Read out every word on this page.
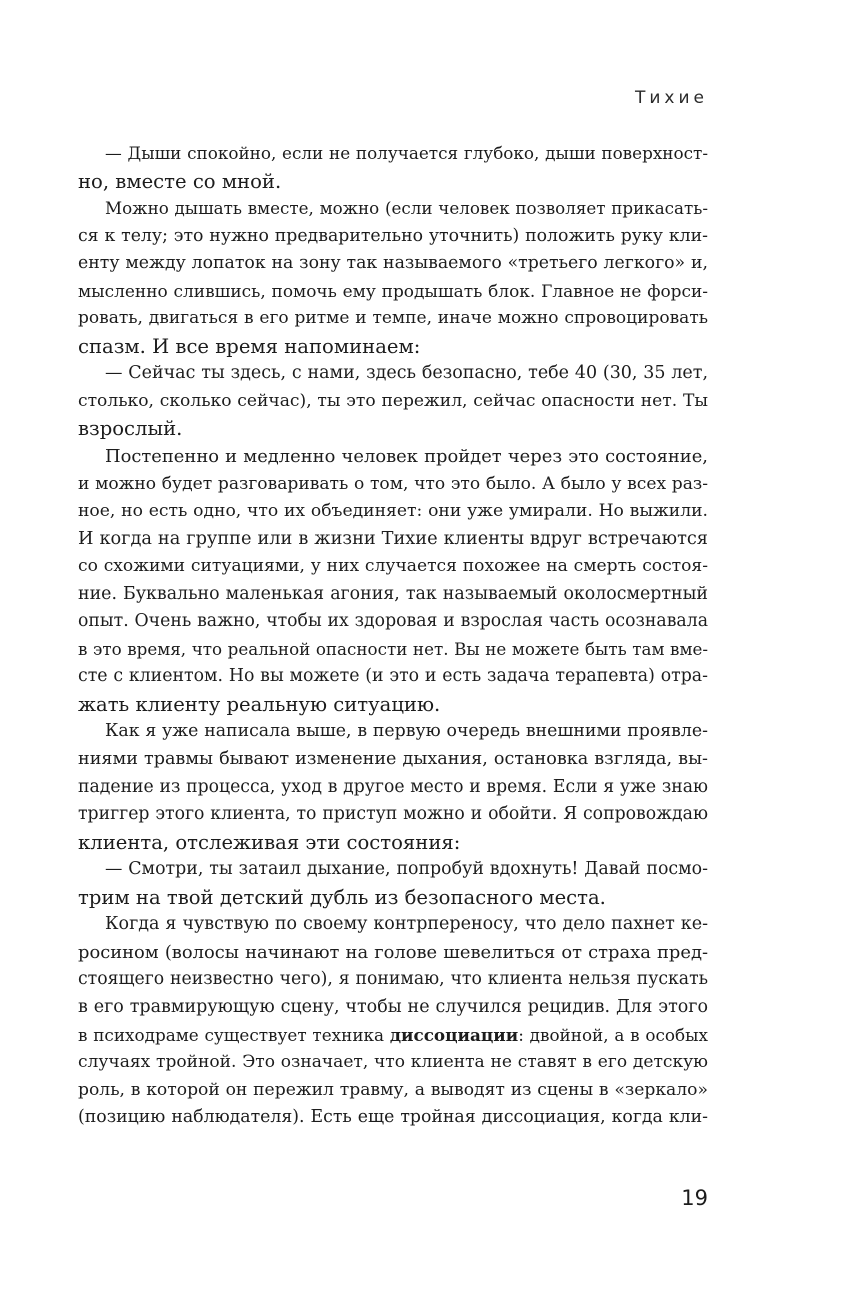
Тихие
— Дыши спокойно, если не получается глубоко, дыши поверхност-
но, вместе со мной.
Можно дышать вместе, можно (если человек позволяет прикасать-
ся к телу; это нужно предварительно уточнить) положить руку кли-
енту между лопаток на зону так называемого «третьего легкого» и,
мысленно слившись, помочь ему продышать блок. Главное не форси-
ровать, двигаться в его ритме и темпе, иначе можно спровоцировать
спазм. И все время напоминаем:
— Сейчас ты здесь, с нами, здесь безопасно, тебе 40 (30, 35 лет,
столько, сколько сейчас), ты это пережил, сейчас опасности нет. Ты
взрослый.
Постепенно и медленно человек пройдет через это состояние,
и можно будет разговаривать о том, что это было. А было у всех раз-
ное, но есть одно, что их объединяет: они уже умирали. Но выжили.
И когда на группе или в жизни Тихие клиенты вдруг встречаются
со схожими ситуациями, у них случается похожее на смерть состоя-
ние. Буквально маленькая агония, так называемый околосмертный
опыт. Очень важно, чтобы их здоровая и взрослая часть осознавала
в это время, что реальной опасности нет. Вы не можете быть там вме-
сте с клиентом. Но вы можете (и это и есть задача терапевта) отра-
жать клиенту реальную ситуацию.
Как я уже написала выше, в первую очередь внешними проявле-
ниями травмы бывают изменение дыхания, остановка взгляда, вы-
падение из процесса, уход в другое место и время. Если я уже знаю
триггер этого клиента, то приступ можно и обойти. Я сопровождаю
клиента, отслеживая эти состояния:
— Смотри, ты затаил дыхание, попробуй вдохнуть! Давай посмо-
трим на твой детский дубль из безопасного места.
Когда я чувствую по своему контрпереносу, что дело пахнет ке-
росином (волосы начинают на голове шевелиться от страха пред-
стоящего неизвестно чего), я понимаю, что клиента нельзя пускать
в его травмирующую сцену, чтобы не случился рецидив. Для этого
в психодраме существует техника диссоциации: двойной, а в особых
случаях тройной. Это означает, что клиента не ставят в его детскую
роль, в которой он пережил травму, а выводят из сцены в «зеркало»
(позицию наблюдателя). Есть еще тройная диссоциация, когда кли-
19
